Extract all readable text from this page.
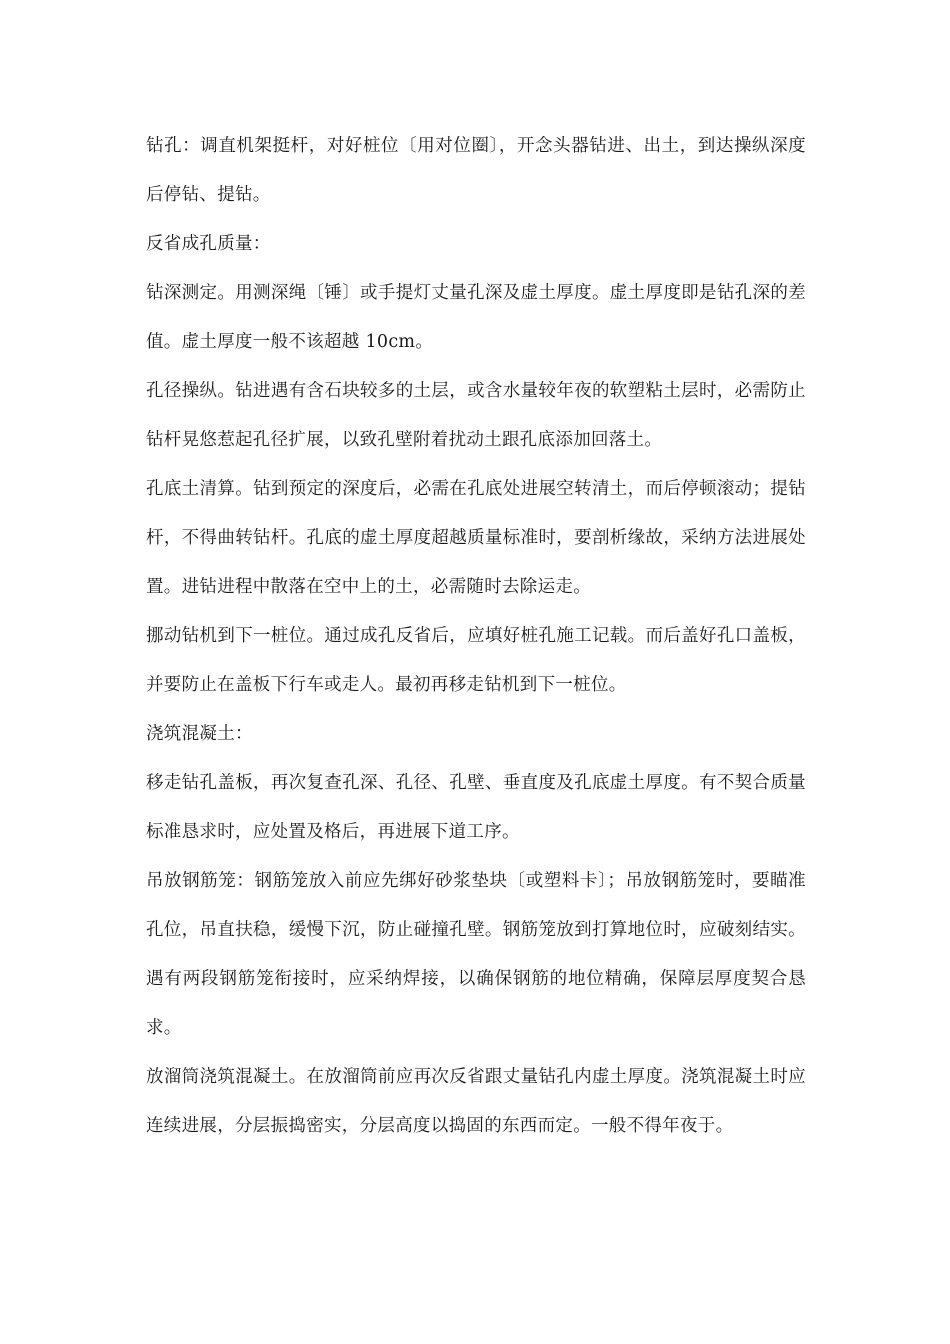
钻孔：调直机架挺杆，对好桩位〔用对位圈〕，开念头器钻进、出土，到达操纵深度后停钻、提钻。

反省成孔质量：

钻深测定。用测深绳〔锤〕或手提灯丈量孔深及虚土厚度。虚土厚度即是钻孔深的差值。虚土厚度一般不该超越 10cm。

孔径操纵。钻进遇有含石块较多的土层，或含水量较年夜的软塑粘土层时，必需防止钻杆晃悠惹起孔径扩展，以致孔壁附着扰动土跟孔底添加回落土。

孔底土清算。钻到预定的深度后，必需在孔底处进展空转清土，而后停顿滚动；提钻杆，不得曲转钻杆。孔底的虚土厚度超越质量标准时，要剖析缘故，采纳方法进展处置。进钻进程中散落在空中上的土，必需随时去除运走。

挪动钻机到下一桩位。通过成孔反省后，应填好桩孔施工记载。而后盖好孔口盖板，并要防止在盖板下行车或走人。最初再移走钻机到下一桩位。

浇筑混凝土：

移走钻孔盖板，再次复查孔深、孔径、孔壁、垂直度及孔底虚土厚度。有不契合质量标准恳求时，应处置及格后，再进展下道工序。

吊放钢筋笼：钢筋笼放入前应先绑好砂浆垫块〔或塑料卡〕；吊放钢筋笼时，要瞄准孔位，吊直扶稳，缓慢下沉，防止碰撞孔壁。钢筋笼放到打算地位时，应破刻结实。遇有两段钢筋笼衔接时，应采纳焊接，以确保钢筋的地位精确，保障层厚度契合恳求。

放溜筒浇筑混凝土。在放溜筒前应再次反省跟丈量钻孔内虚土厚度。浇筑混凝土时应连续进展，分层振捣密实，分层高度以捣固的东西而定。一般不得年夜于。
